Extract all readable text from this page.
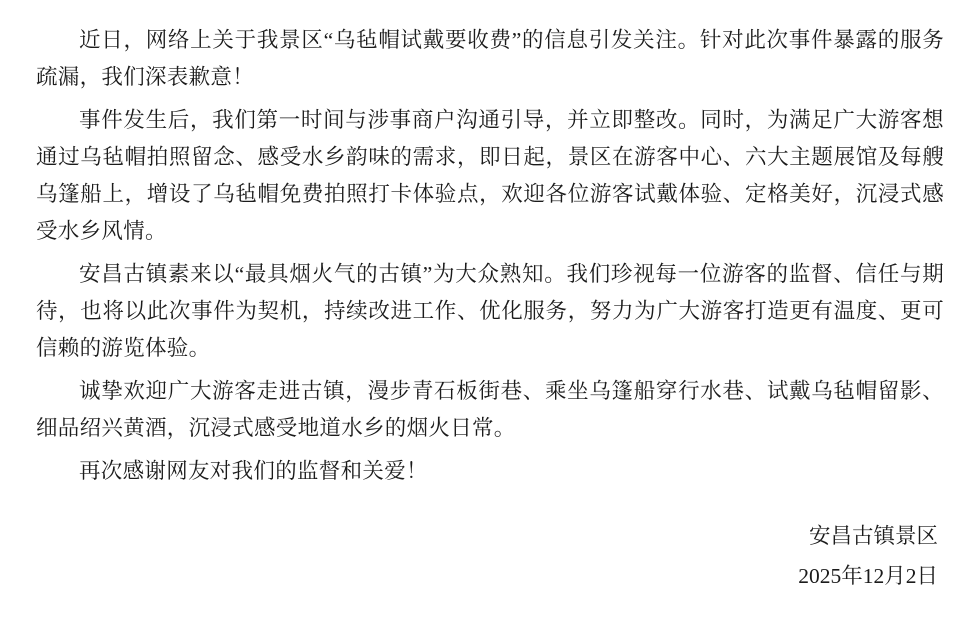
近日，网络上关于我景区“乌毡帽试戴要收费”的信息引发关注。针对此次事件暴露的服务疏漏，我们深表歉意！

事件发生后，我们第一时间与涉事商户沟通引导，并立即整改。同时，为满足广大游客想通过乌毡帽拍照留念、感受水乡韵味的需求，即日起，景区在游客中心、六大主题展馆及每艘乌篷船上，增设了乌毡帽免费拍照打卡体验点，欢迎各位游客试戴体验、定格美好，沉浸式感受水乡风情。

安昌古镇素来以“最具烟火气的古镇”为大众熟知。我们珍视每一位游客的监督、信任与期待，也将以此次事件为契机，持续改进工作、优化服务，努力为广大游客打造更有温度、更可信赖的游览体验。

诚挚欢迎广大游客走进古镇，漫步青石板街巷、乘坐乌篷船穿行水巷、试戴乌毡帽留影、细品绍兴黄酒，沉浸式感受地道水乡的烟火日常。

再次感谢网友对我们的监督和关爱！

安昌古镇景区
2025年12月2日
